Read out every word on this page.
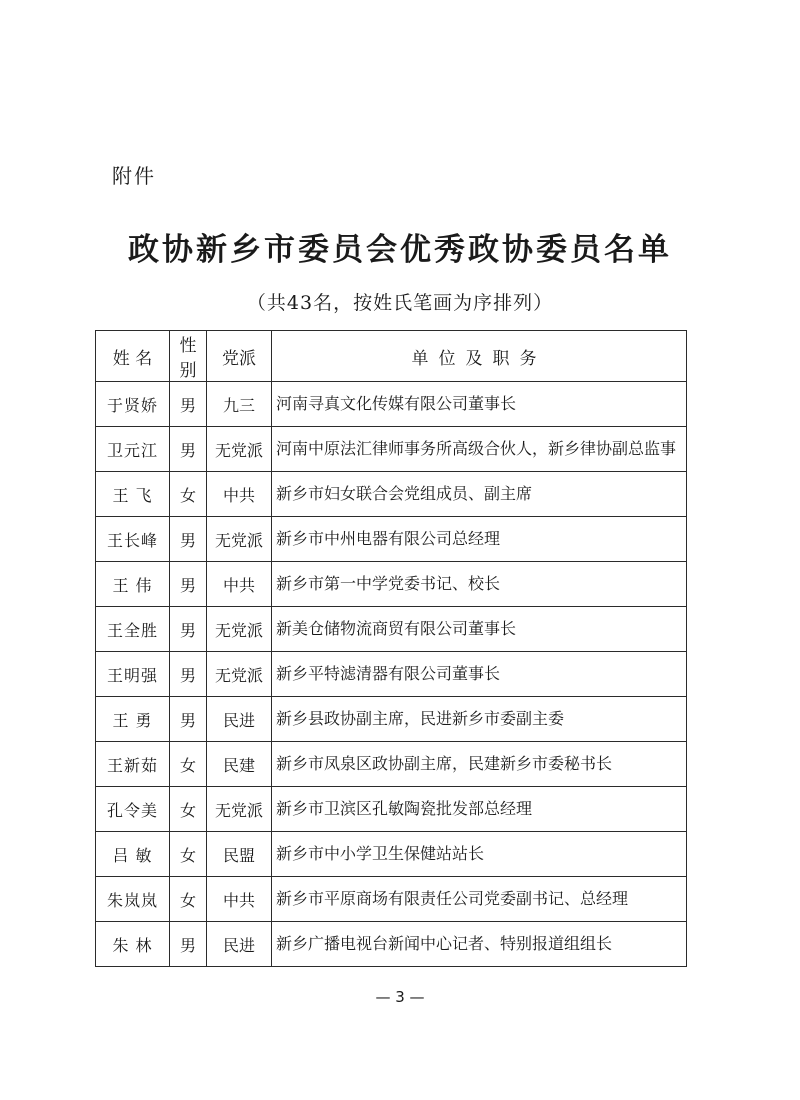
附件
政协新乡市委员会优秀政协委员名单
（共43名，按姓氏笔画为序排列）
姓 名	性别	党派	单位及职务
于贤娇	男	九三	河南寻真文化传媒有限公司董事长
卫元江	男	无党派	河南中原法汇律师事务所高级合伙人，新乡律协副总监事
王 飞	女	中共	新乡市妇女联合会党组成员、副主席
王长峰	男	无党派	新乡市中州电器有限公司总经理
王 伟	男	中共	新乡市第一中学党委书记、校长
王全胜	男	无党派	新美仓储物流商贸有限公司董事长
王明强	男	无党派	新乡平特滤清器有限公司董事长
王 勇	男	民进	新乡县政协副主席，民进新乡市委副主委
王新茹	女	民建	新乡市凤泉区政协副主席，民建新乡市委秘书长
孔令美	女	无党派	新乡市卫滨区孔敏陶瓷批发部总经理
吕 敏	女	民盟	新乡市中小学卫生保健站站长
朱岚岚	女	中共	新乡市平原商场有限责任公司党委副书记、总经理
朱 林	男	民进	新乡广播电视台新闻中心记者、特别报道组组长
— 3 —
